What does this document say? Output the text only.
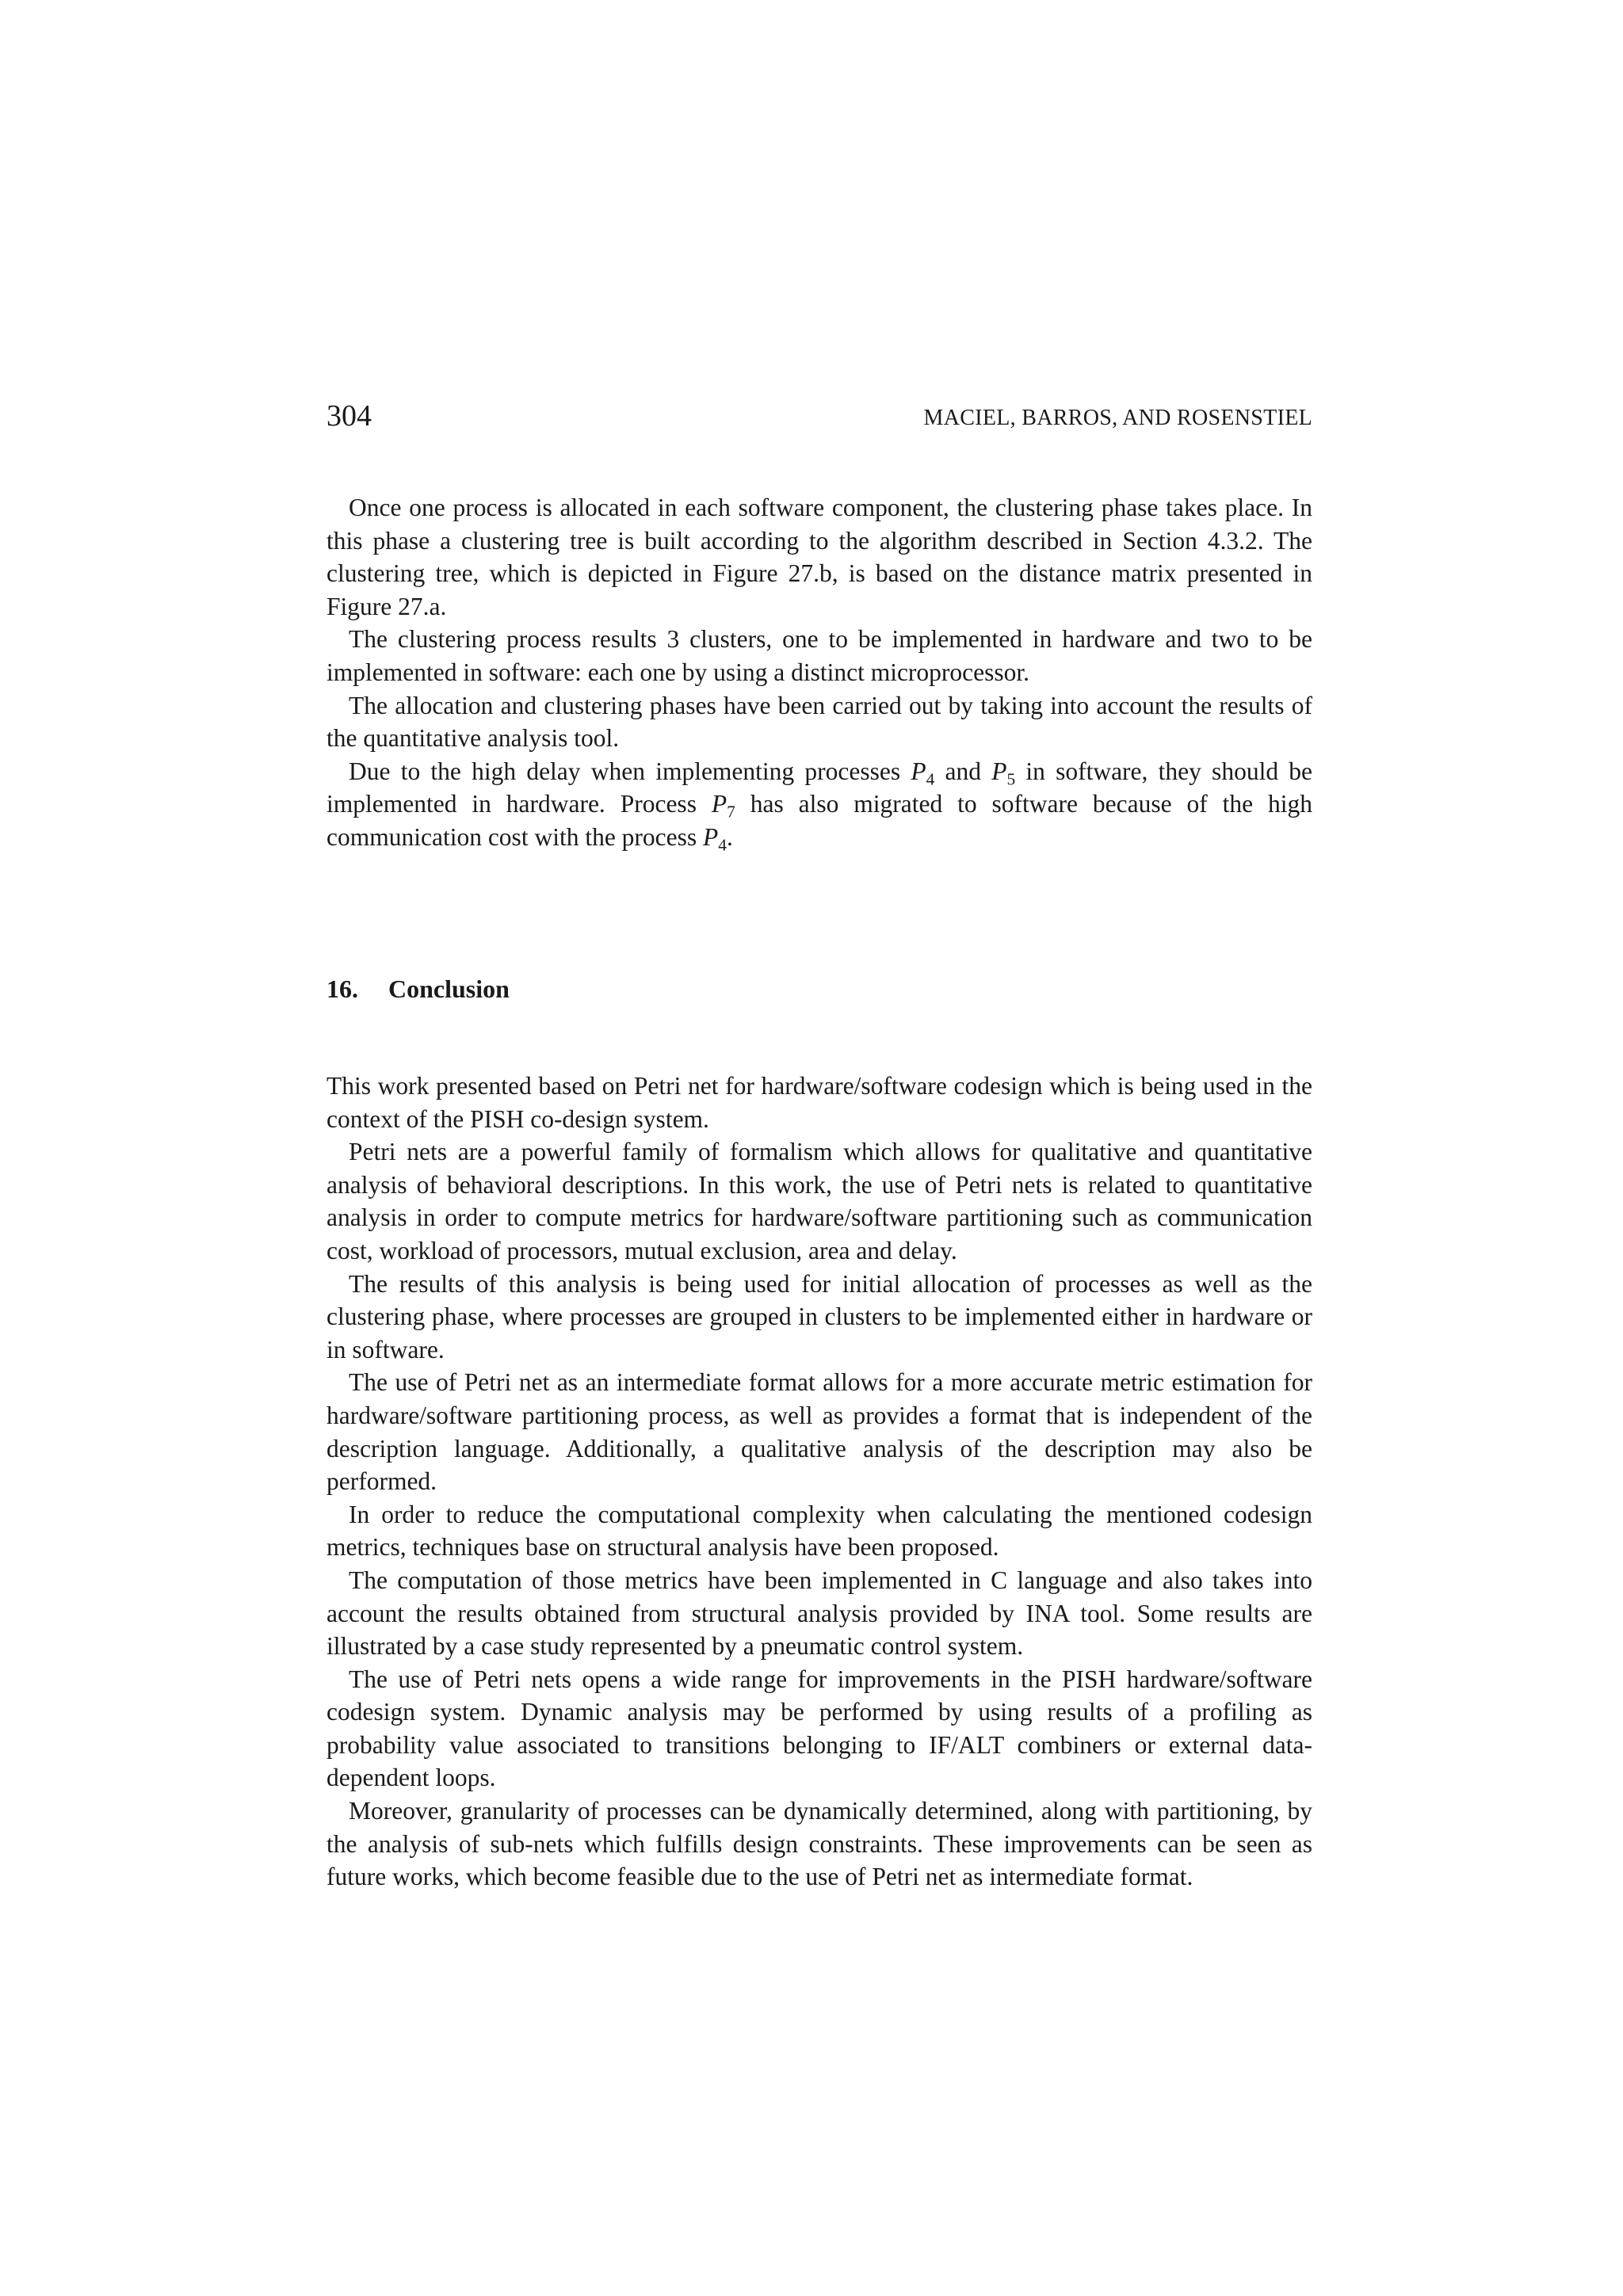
304	MACIEL, BARROS, AND ROSENSTIEL

Once one process is allocated in each software component, the clustering phase takes place. In this phase a clustering tree is built according to the algorithm described in Section 4.3.2. The clustering tree, which is depicted in Figure 27.b, is based on the distance matrix presented in Figure 27.a.

The clustering process results 3 clusters, one to be implemented in hardware and two to be implemented in software: each one by using a distinct microprocessor.

The allocation and clustering phases have been carried out by taking into account the results of the quantitative analysis tool.

Due to the high delay when implementing processes $P_4$ and $P_5$ in software, they should be implemented in hardware. Process $P_7$ has also migrated to software because of the high communication cost with the process $P_4$.

16. Conclusion

This work presented based on Petri net for hardware/software codesign which is being used in the context of the PISH co-design system.

Petri nets are a powerful family of formalism which allows for qualitative and quantitative analysis of behavioral descriptions. In this work, the use of Petri nets is related to quantitative analysis in order to compute metrics for hardware/software partitioning such as communication cost, workload of processors, mutual exclusion, area and delay.

The results of this analysis is being used for initial allocation of processes as well as the clustering phase, where processes are grouped in clusters to be implemented either in hardware or in software.

The use of Petri net as an intermediate format allows for a more accurate metric estimation for hardware/software partitioning process, as well as provides a format that is independent of the description language. Additionally, a qualitative analysis of the description may also be performed.

In order to reduce the computational complexity when calculating the mentioned codesign metrics, techniques base on structural analysis have been proposed.

The computation of those metrics have been implemented in C language and also takes into account the results obtained from structural analysis provided by INA tool. Some results are illustrated by a case study represented by a pneumatic control system.

The use of Petri nets opens a wide range for improvements in the PISH hardware/software codesign system. Dynamic analysis may be performed by using results of a profiling as probability value associated to transitions belonging to IF/ALT combiners or external data-dependent loops.

Moreover, granularity of processes can be dynamically determined, along with partitioning, by the analysis of sub-nets which fulfills design constraints. These improvements can be seen as future works, which become feasible due to the use of Petri net as intermediate format.
